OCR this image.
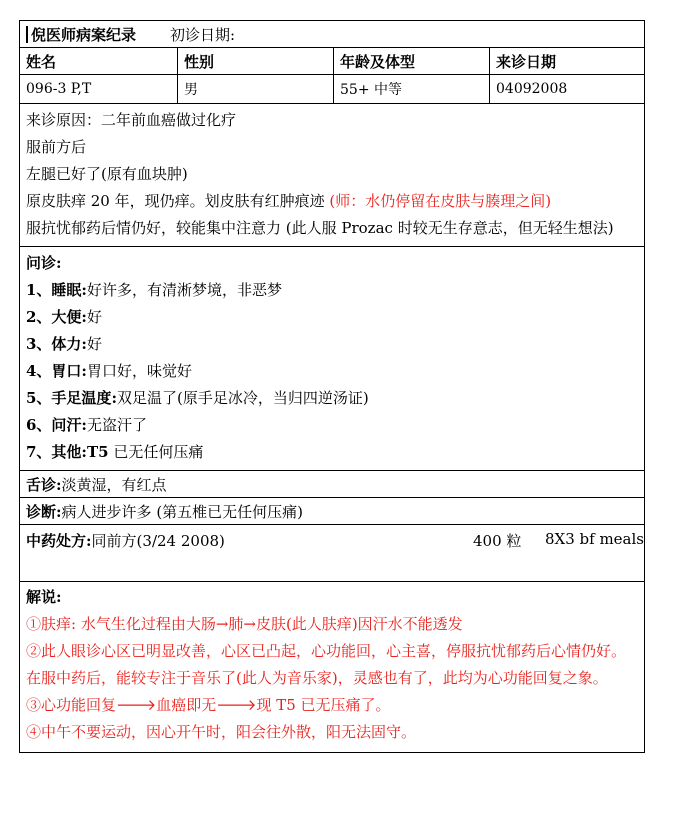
倪医师病案纪录 初诊日期:
姓名	性别	年龄及体型	来诊日期
096-3 P,T	男	55+ 中等	04092008
来诊原因：二年前血癌做过化疗
服前方后
左腿已好了(原有血块肿)
原皮肤痒 20 年，现仍痒。划皮肤有红肿痕迹 (师：水仍停留在皮肤与腠理之间)
服抗忧郁药后情仍好，较能集中注意力 (此人服 Prozac 时较无生存意志，但无轻生想法)
问诊:
1、睡眠:好许多，有清淅梦境，非恶梦
2、大便:好
3、体力:好
4、胃口:胃口好，味觉好
5、手足温度:双足温了(原手足冰冷，当归四逆汤证)
6、问汗:无盗汗了
7、其他:T5 已无任何压痛
舌诊: 淡黄湿，有红点
诊断: 病人进步许多 (第五椎已无任何压痛)
中药处方:同前方(3/24 2008)	400 粒 8X3 bf meals
解说:
①肤痒: 水气生化过程由大肠→肺→皮肤(此人肤痒)因汗水不能透发
②此人眼诊心区已明显改善，心区已凸起，心功能回，心主喜，停服抗忧郁药后心情仍好。在服中药后，能较专注于音乐了(此人为音乐家)，灵感也有了，此均为心功能回复之象。
③心功能回复🡒血癌即无🡒现 T5 已无压痛了。
④中午不要运动，因心开午时，阳会往外散，阳无法固守。
